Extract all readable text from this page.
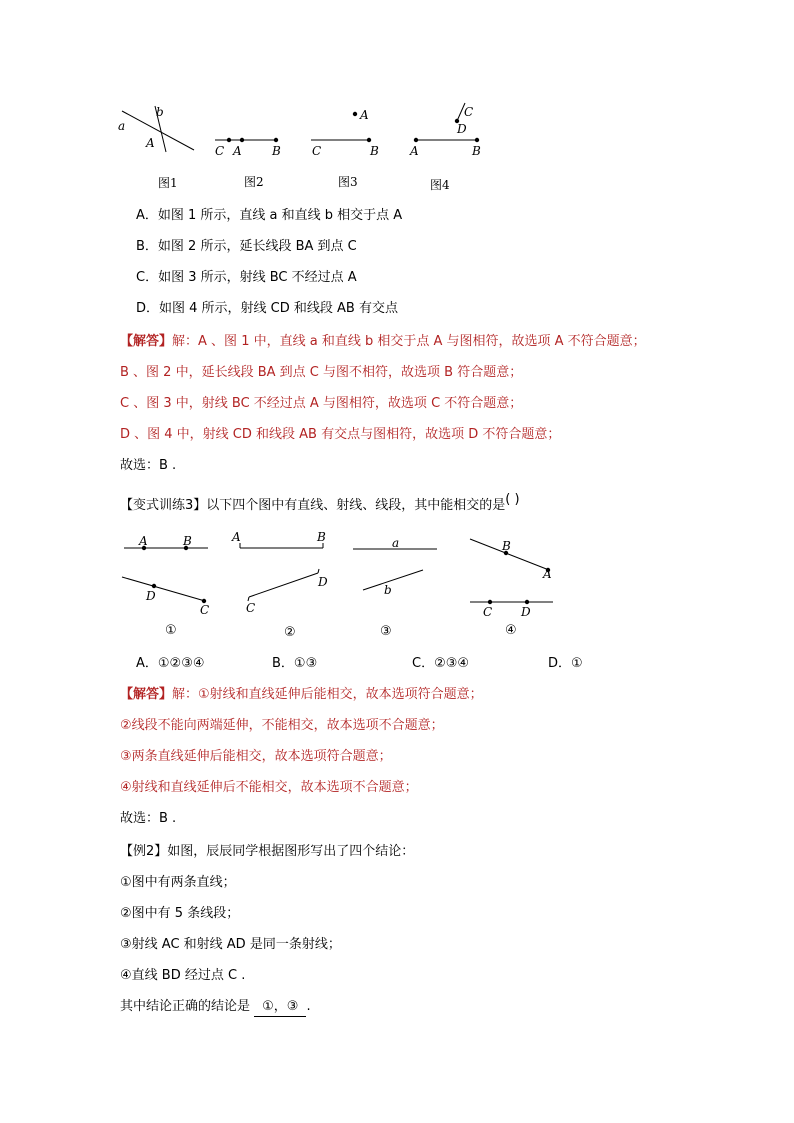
a
b
A
图1
C A	B
图2
A
C	B
图3
C
D
A	B
图4
A．如图 1 所示，直线 a 和直线 b 相交于点 A
B．如图 2 所示，延长线段 BA 到点 C
C．如图 3 所示，射线 BC 不经过点 A
D．如图 4 所示，射线 CD 和线段 AB 有交点
【解答】解：A 、图 1 中，直线 a 和直线 b 相交于点 A 与图相符，故选项 A 不符合题意；
B 、图 2 中，延长线段 BA 到点 C 与图不相符，故选项 B 符合题意；
C 、图 3 中，射线 BC 不经过点 A 与图相符，故选项 C 不符合题意；
D 、图 4 中，射线 CD 和线段 AB 有交点与图相符，故选项 D 不符合题意；
故选：B .
【变式训练3】以下四个图中有直线、射线、线段，其中能相交的是( )
A	B
D
C
①
A	B
C
D
②
a
b
③
B
A
C D
④
A．①②③④	B．①③	C．②③④	D．①
【解答】解：①射线和直线延伸后能相交，故本选项符合题意；
②线段不能向两端延伸，不能相交，故本选项不合题意；
③两条直线延伸后能相交，故本选项符合题意；
④射线和直线延伸后不能相交，故本选项不合题意；
故选：B .
【例2】如图，辰辰同学根据图形写出了四个结论：
①图中有两条直线；
②图中有 5 条线段；
③射线 AC 和射线 AD 是同一条射线；
④直线 BD 经过点 C .
其中结论正确的结论是 ①，③ .
